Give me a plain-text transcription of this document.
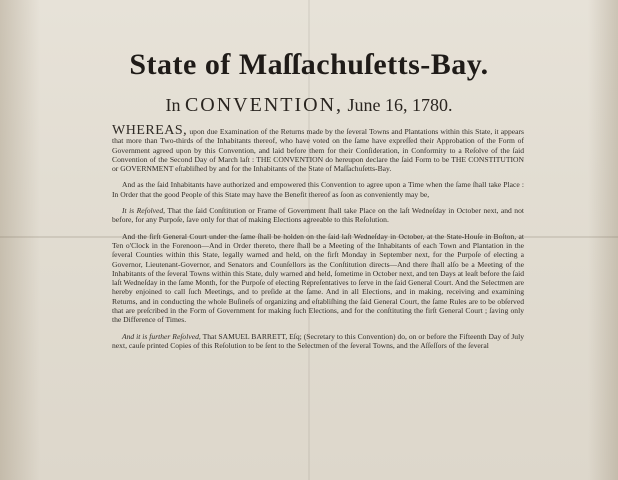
State of Maſſachuſetts-Bay.
In CONVENTION, June 16, 1780.

WHEREAS, upon due Examination of the Returns made by the ſeveral Towns and Plantations within this State, it appears that more than Two-thirds of the Inhabitants thereof, who have voted on the ſame have expreſſed their Approbation of the Form of Government agreed upon by this Convention, and laid before them for their Conſideration, in Conformity to a Reſolve of the ſaid Convention of the Second Day of March laſt : THE CONVENTION do hereupon declare the ſaid Form to be THE CONSTITUTION or GOVERNMENT eſtabliſhed by and for the Inhabitants of the State of Maſſachuſetts-Bay.

And as the ſaid Inhabitants have authorized and empowered this Convention to agree upon a Time when the ſame ſhall take Place : In Order that the good People of this State may have the Benefit thereof as ſoon as conveniently may be,

It is Reſolved, That the ſaid Conſtitution or Frame of Government ſhall take Place on the laſt Wedneſday in October next, and not before, for any Purpoſe, ſave only for that of making Elections agreeable to this Reſolution.

And the firſt General Court under the ſame ſhall be holden on the ſaid laſt Wedneſday in October, at the State-Houſe in Boſton, at Ten o'Clock in the Forenoon—And in Order thereto, there ſhall be a Meeting of the Inhabitants of each Town and Plantation in the ſeveral Counties within this State, legally warned and held, on the firſt Monday in September next, for the Purpoſe of electing a Governor, Lieutenant-Governor, and Senators and Counſellors as the Conſtitution directs—And there ſhall alſo be a Meeting of the Inhabitants of the ſeveral Towns within this State, duly warned and held, ſometime in October next, and ten Days at leaſt before the ſaid laſt Wedneſday in the ſame Month, for the Purpoſe of electing Repreſentatives to ſerve in the ſaid General Court. And the Selectmen are hereby enjoined to call ſuch Meetings, and to preſide at the ſame. And in all Elections, and in making, receiving and examining Returns, and in conducting the whole Buſineſs of organizing and eſtabliſhing the ſaid General Court, the ſame Rules are to be obſerved that are preſcribed in the Form of Government for making ſuch Elections, and for the conſtituting the firſt General Court ; ſaving only the Difference of Times.

And it is further Reſolved, That SAMUEL BARRETT, Eſq; (Secretary to this Convention) do, on or before the Fifteenth Day of July next, cauſe printed Copies of this Reſolution to be ſent to the Selectmen of the ſeveral Towns, and the Aſſeſſors of the ſeveral
